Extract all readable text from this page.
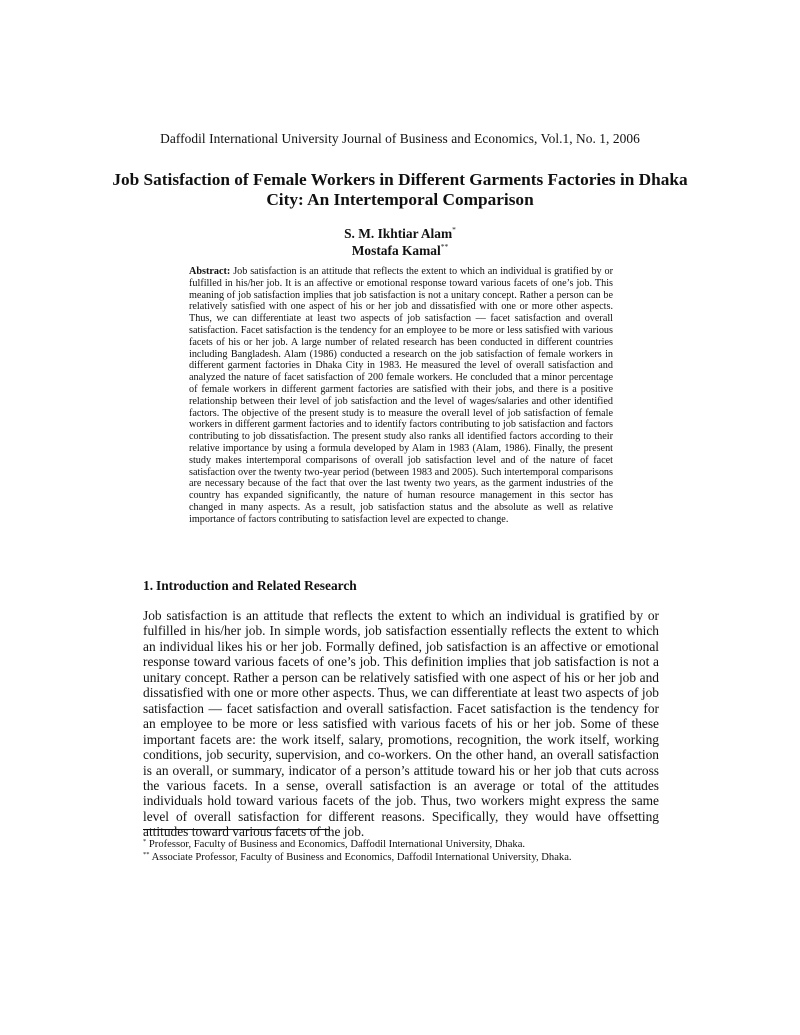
Daffodil International University Journal of Business and Economics, Vol.1, No. 1, 2006
Job Satisfaction of Female Workers in Different Garments Factories in Dhaka City: An Intertemporal Comparison
S. M. Ikhtiar Alam*
Mostafa Kamal**
Abstract: Job satisfaction is an attitude that reflects the extent to which an individual is gratified by or fulfilled in his/her job. It is an affective or emotional response toward various facets of one’s job. This meaning of job satisfaction implies that job satisfaction is not a unitary concept. Rather a person can be relatively satisfied with one aspect of his or her job and dissatisfied with one or more other aspects. Thus, we can differentiate at least two aspects of job satisfaction — facet satisfaction and overall satisfaction. Facet satisfaction is the tendency for an employee to be more or less satisfied with various facets of his or her job. A large number of related research has been conducted in different countries including Bangladesh. Alam (1986) conducted a research on the job satisfaction of female workers in different garment factories in Dhaka City in 1983. He measured the level of overall satisfaction and analyzed the nature of facet satisfaction of 200 female workers. He concluded that a minor percentage of female workers in different garment factories are satisfied with their jobs, and there is a positive relationship between their level of job satisfaction and the level of wages/salaries and other identified factors. The objective of the present study is to measure the overall level of job satisfaction of female workers in different garment factories and to identify factors contributing to job satisfaction and factors contributing to job dissatisfaction. The present study also ranks all identified factors according to their relative importance by using a formula developed by Alam in 1983 (Alam, 1986). Finally, the present study makes intertemporal comparisons of overall job satisfaction level and of the nature of facet satisfaction over the twenty two-year period (between 1983 and 2005). Such intertemporal comparisons are necessary because of the fact that over the last twenty two years, as the garment industries of the country has expanded significantly, the nature of human resource management in this sector has changed in many aspects. As a result, job satisfaction status and the absolute as well as relative importance of factors contributing to satisfaction level are expected to change.
1. Introduction and Related Research
Job satisfaction is an attitude that reflects the extent to which an individual is gratified by or fulfilled in his/her job. In simple words, job satisfaction essentially reflects the extent to which an individual likes his or her job. Formally defined, job satisfaction is an affective or emotional response toward various facets of one’s job. This definition implies that job satisfaction is not a unitary concept. Rather a person can be relatively satisfied with one aspect of his or her job and dissatisfied with one or more other aspects. Thus, we can differentiate at least two aspects of job satisfaction — facet satisfaction and overall satisfaction. Facet satisfaction is the tendency for an employee to be more or less satisfied with various facets of his or her job. Some of these important facets are: the work itself, salary, promotions, recognition, the work itself, working conditions, job security, supervision, and co-workers. On the other hand, an overall satisfaction is an overall, or summary, indicator of a person’s attitude toward his or her job that cuts across the various facets. In a sense, overall satisfaction is an average or total of the attitudes individuals hold toward various facets of the job. Thus, two workers might express the same level of overall satisfaction for different reasons. Specifically, they would have offsetting attitudes toward various facets of the job.
* Professor, Faculty of Business and Economics, Daffodil International University, Dhaka.
** Associate Professor, Faculty of Business and Economics, Daffodil International University, Dhaka.
